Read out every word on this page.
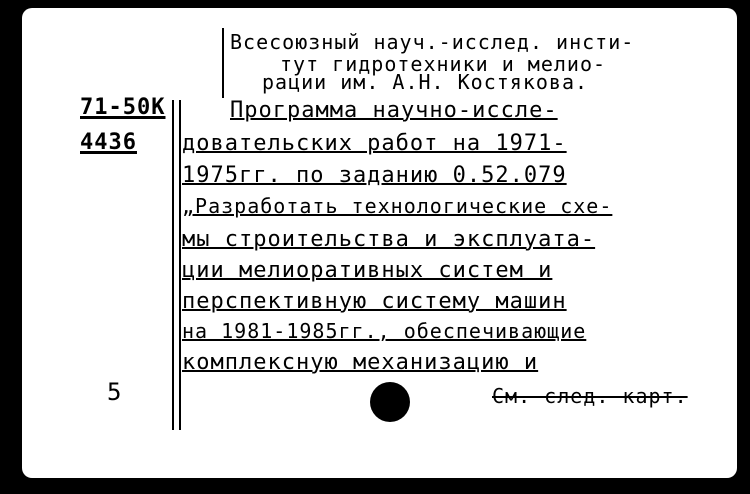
Всесоюзный науч.-исслед. инсти-
тут гидротехники и мелио-
рации им. А.Н. Костякова.
71-50К
4436
Программа научно-иссле-
довательских работ на 1971-
1975гг. по заданию 0.52.079
„Разработать технологические схе-
мы строительства и эксплуата-
ции мелиоративных систем и
перспективную систему машин
на 1981-1985гг., обеспечивающие
комплексную механизацию и
5	См. след. карт.
